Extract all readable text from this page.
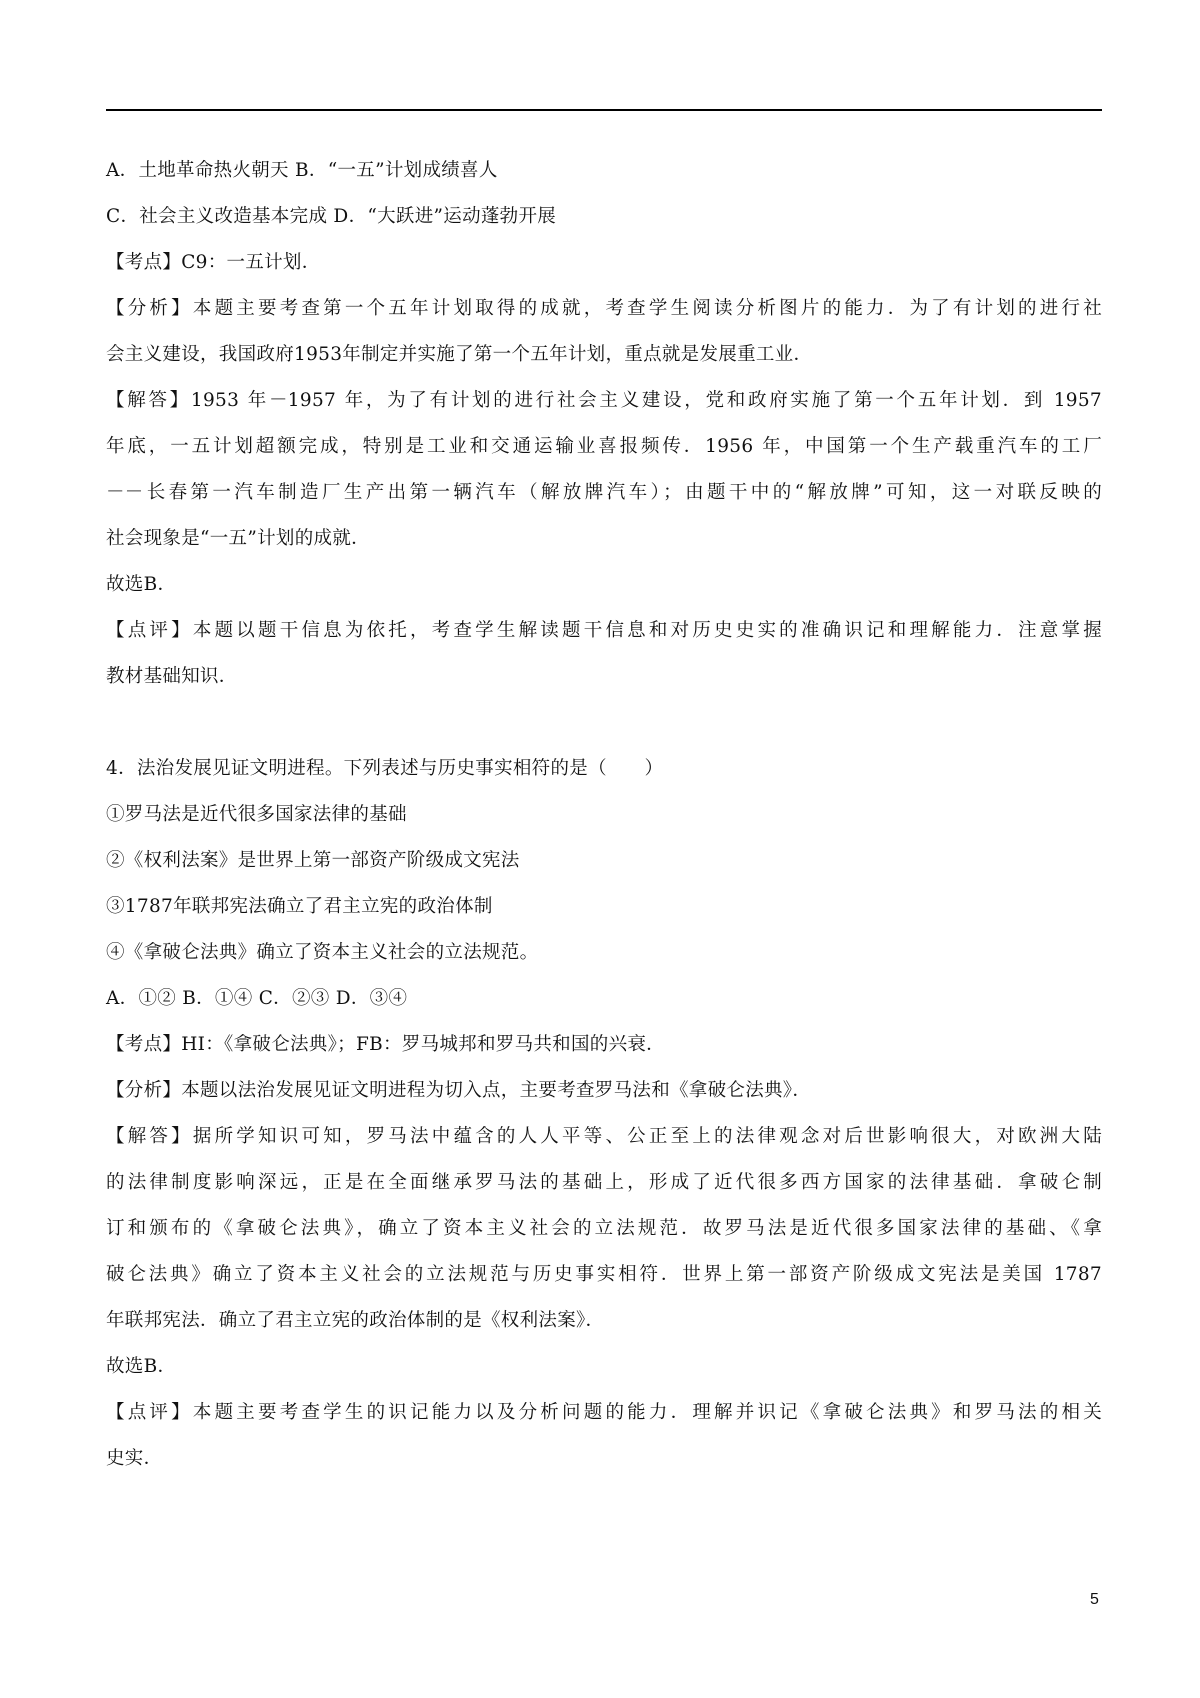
A．土地革命热火朝天 B．“一五”计划成绩喜人
C．社会主义改造基本完成 D．“大跃进”运动蓬勃开展
【考点】C9：一五计划．
【分析】本题主要考查第一个五年计划取得的成就，考查学生阅读分析图片的能力．为了有计划的进行社
会主义建设，我国政府1953年制定并实施了第一个五年计划，重点就是发展重工业．
【解答】1953 年－1957 年，为了有计划的进行社会主义建设，党和政府实施了第一个五年计划．到 1957
年底，一五计划超额完成，特别是工业和交通运输业喜报频传．1956 年，中国第一个生产载重汽车的工厂
－－长春第一汽车制造厂生产出第一辆汽车（解放牌汽车）；由题干中的“解放牌”可知，这一对联反映的
社会现象是“一五”计划的成就．
故选B．
【点评】本题以题干信息为依托，考查学生解读题干信息和对历史史实的准确识记和理解能力．注意掌握
教材基础知识．
4．法治发展见证文明进程。下列表述与历史事实相符的是（　　）
①罗马法是近代很多国家法律的基础
②《权利法案》是世界上第一部资产阶级成文宪法
③1787年联邦宪法确立了君主立宪的政治体制
④《拿破仑法典》确立了资本主义社会的立法规范。
A．①② B．①④ C．②③ D．③④
【考点】HI：《拿破仑法典》；FB：罗马城邦和罗马共和国的兴衰．
【分析】本题以法治发展见证文明进程为切入点，主要考查罗马法和《拿破仑法典》．
【解答】据所学知识可知，罗马法中蕴含的人人平等、公正至上的法律观念对后世影响很大，对欧洲大陆
的法律制度影响深远，正是在全面继承罗马法的基础上，形成了近代很多西方国家的法律基础．拿破仑制
订和颁布的《拿破仑法典》，确立了资本主义社会的立法规范．故罗马法是近代很多国家法律的基础、《拿
破仑法典》确立了资本主义社会的立法规范与历史事实相符．世界上第一部资产阶级成文宪法是美国 1787
年联邦宪法．确立了君主立宪的政治体制的是《权利法案》．
故选B．
【点评】本题主要考查学生的识记能力以及分析问题的能力．理解并识记《拿破仑法典》和罗马法的相关
史实．
5
